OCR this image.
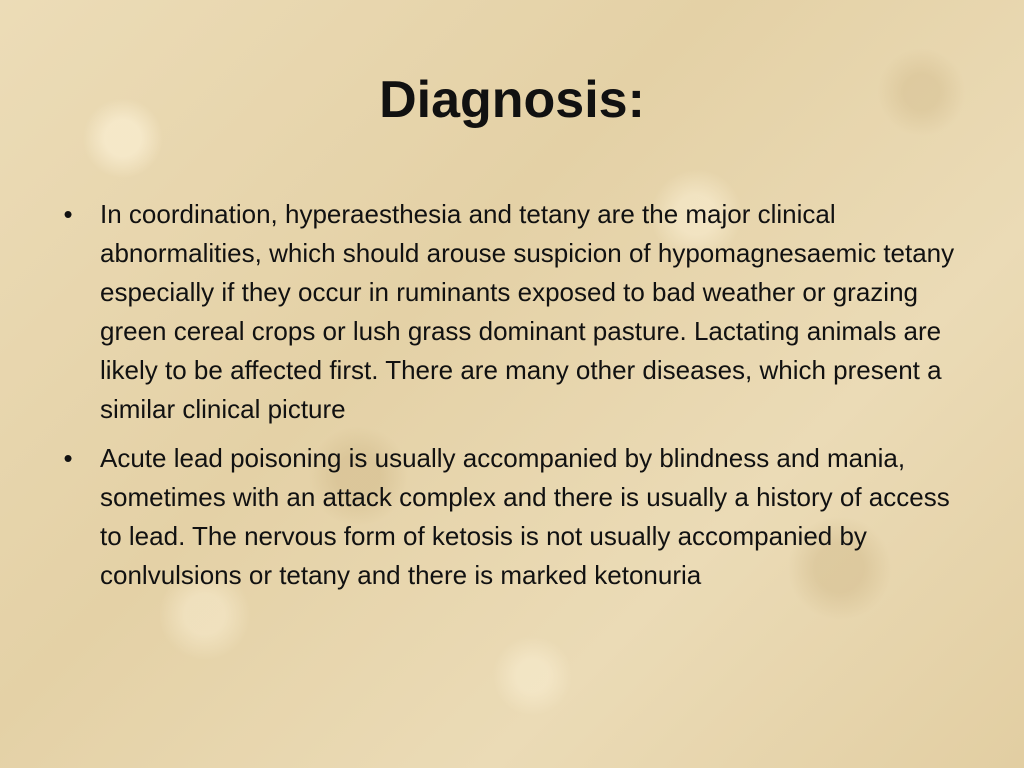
Diagnosis:
• In coordination, hyperaesthesia and tetany are the major clinical abnormalities, which should arouse suspicion of hypomagnesaemic tetany especially if they occur in ruminants exposed to bad weather or grazing green cereal crops or lush grass dominant pasture. Lactating animals are likely to be affected first. There are many other diseases, which present a similar clinical picture
• Acute lead poisoning is usually accompanied by blindness and mania, sometimes with an attack complex and there is usually a history of access to lead. The nervous form of ketosis is not usually accompanied by conlvulsions or tetany and there is marked ketonuria
